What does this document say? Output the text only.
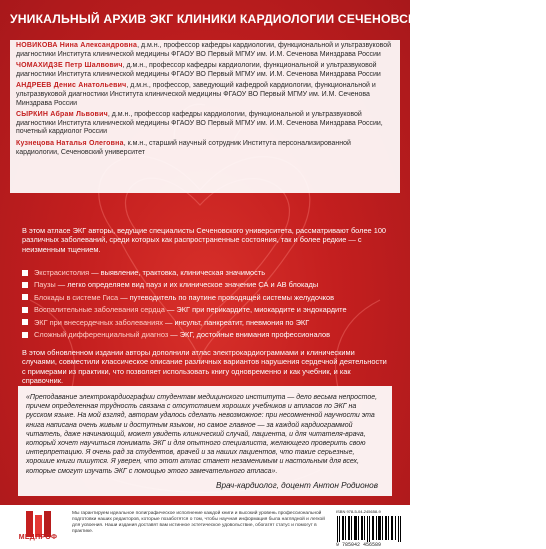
УНИКАЛЬНЫЙ АРХИВ ЭКГ КЛИНИКИ КАРДИОЛОГИИ СЕЧЕНОВСКОГО УНИВЕРСИТЕТА
НОВИКОВА Нина Александровна, д.м.н., профессор кафедры кардиологии, функциональной и ультразвуковой диагностики Института клинической медицины ФГАОУ ВО Первый МГМУ им. И.М. Сеченова Минздрава России
ЧОМАХИДЗЕ Петр Шалвович, д.м.н., профессор кафедры кардиологии, функциональной и ультразвуковой диагностики Института клинической медицины ФГАОУ ВО Первый МГМУ им. И.М. Сеченова Минздрава России
АНДРЕЕВ Денис Анатольевич, д.м.н., профессор, заведующий кафедрой кардиологии, функциональной и ультразвуковой диагностики Института клинической медицины ФГАОУ ВО Первый МГМУ им. И.М. Сеченова Минздрава России
СЫРКИН Абрам Львович, д.м.н., профессор кафедры кардиологии, функциональной и ультразвуковой диагностики Института клинической медицины ФГАОУ ВО Первый МГМУ им. И.М. Сеченова Минздрава России, почетный кардиолог России
Кузнецова Наталья Олеговна, к.м.н., старший научный сотрудник Института персонализированной кардиологии, Сеченовский университет
В этом атласе ЭКГ авторы, ведущие специалисты Сеченовского университета, рассматривают более 100 различных заболеваний, среди которых как распространенные состояния, так и более редкие — с неизменным тщением.
Экстрасистолия — выявление, трактовка, клиническая значимость
Паузы — легко определяем вид пауз и их клиническое значение СА и АВ блокады
Блокады в системе Гиса — путеводитель по паутине проводящей системы желудочков
Воспалительные заболевания сердца — ЭКГ при перикардите, миокардите и эндокардите
ЭКГ при внесердечных заболеваниях — инсульт, панкреатит, пневмония по ЭКГ
Сложный дифференциальный диагноз — ЭКГ, достойные внимания профессионалов
В этом обновленном издании авторы дополнили атлас электрокардиограммами и клиническими случаями, совместили классическое описание различных вариантов нарушения сердечной деятельности с примерами из практики, что позволяет использовать книгу одновременно и как учебник, и как справочник.
«Преподавание электрокардиографии студентам медицинского института — дело весьма непростое, причем определенная трудность связана с отсутствием хороших учебников и атласов по ЭКГ на русском языке. На мой взгляд, авторам удалось сделать невозможное: при несомненной научности эта книга написана очень живым и доступным языком, но самое главное — за каждой кардиограммой читатель, даже начинающий, может увидеть клинический случай, пациента, и для читателя-врача, который хочет научиться понимать ЭКГ и для опытного специалиста, желающего проверить свою интерпретацию. Я очень рад за студентов, врачей и за наших пациентов, что такие серьезные, хорошие книги пишутся. Я уверен, что этот атлас станет незаменимым и настольным для всех, которые смогут изучать ЭКГ с помощью этого замечательного атласа».
Врач-кардиолог, доцент Антон Родионов
МЕДПРОФ
Мы гарантируем идеальное полиграфическое исполнение каждой книги и высокий уровень профессиональной подготовки наших редакторов, которые позаботятся о том, чтобы научная информация была наглядной и легкой для усвоения. Наши издания доставят вам истинное эстетическое удовольствие, обогатят статус и помогут в практике.
ISBN 978-5-04-245658-9
9 785042 456589
